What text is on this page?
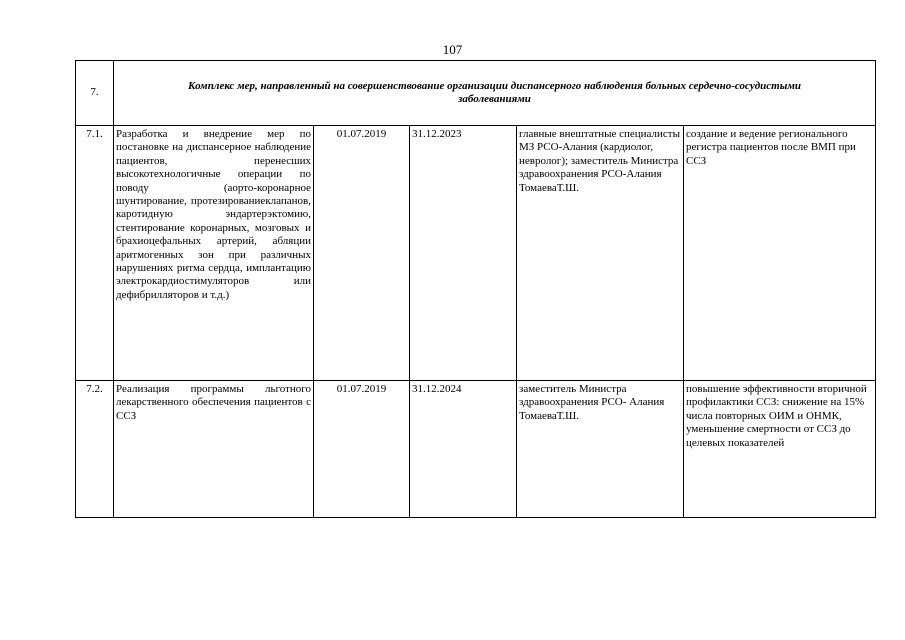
107
7.	Комплекс мер, направленный на совершенствование организации диспансерного наблюдения больных сердечно-сосудистыми заболеваниями				
7.1.	Разработка и внедрение мер по постановке на диспансерное наблюдение пациентов, перенесших высокотехнологичные операции по поводу (аорто-коронарное шунтирование, протезированиеклапанов, каротидную эндартерэктомию, стентирование коронарных, мозговых и брахиоцефальных артерий, абляции аритмогенных зон при различных нарушениях ритма сердца, имплантацию электрокардиостимуляторов или дефибрилляторов и т.д.)	01.07.2019	31.12.2023	главные внештатные специалисты МЗ РСО-Алания (кардиолог, невролог); заместитель Министра здравоохранения РСО-Алания ТомаеваТ.Ш.	создание и ведение регионального регистра пациентов после ВМП при ССЗ
7.2.	Реализация программы льготного лекарственного обеспечения пациентов с ССЗ	01.07.2019	31.12.2024	заместитель Министра здравоохранения РСО- Алания ТомаеваТ.Ш.	повышение эффективности вторичной профилактики ССЗ: снижение на 15% числа повторных ОИМ и ОНМК, уменьшение смертности от ССЗ до целевых показателей
